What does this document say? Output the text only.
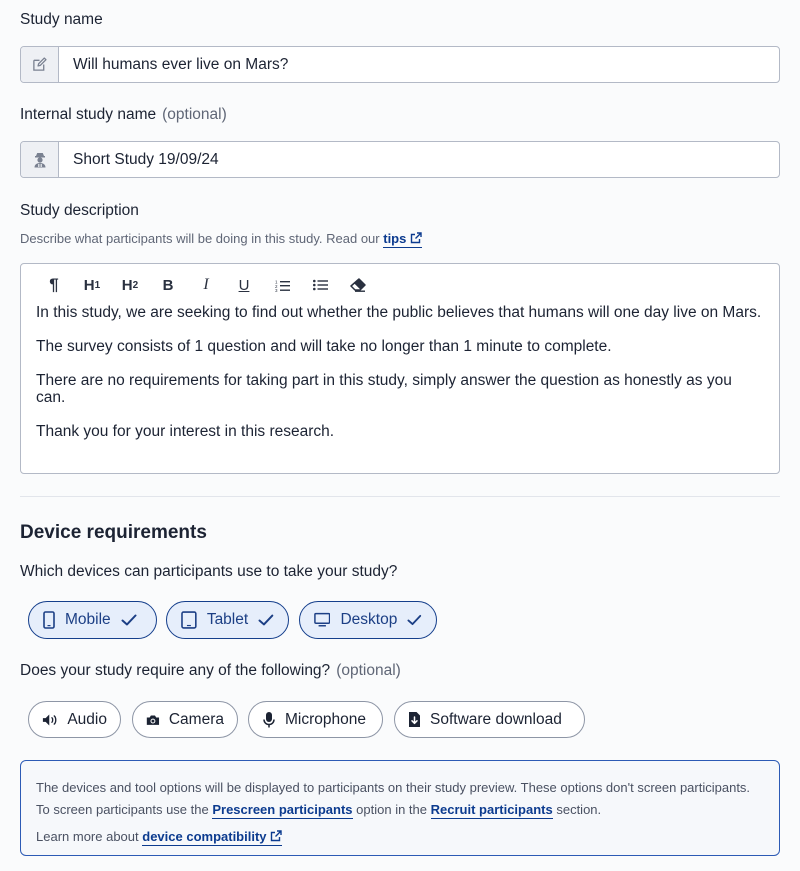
Study name
Will humans ever live on Mars?
Internal study name (optional)
Short Study 19/09/24
Study description
Describe what participants will be doing in this study. Read our tips
¶	H 1 H 2	B	I	U	1
2
3

In this study, we are seeking to find out whether the public believes that humans will one day live on Mars.

The survey consists of 1 question and will take no longer than 1 minute to complete.

There are no requirements for taking part in this study, simply answer the question as honestly as you can.

Thank you for your interest in this research.

Device requirements
Which devices can participants use to take your study?
Mobile	Tablet	Desktop
Does your study require any of the following? (optional)
Audio	Camera	Microphone	Software download
The devices and tool options will be displayed to participants on their study preview. These options don't screen participants. To screen participants use the Prescreen participants option in the Recruit participants section.
Learn more about device compatibility
